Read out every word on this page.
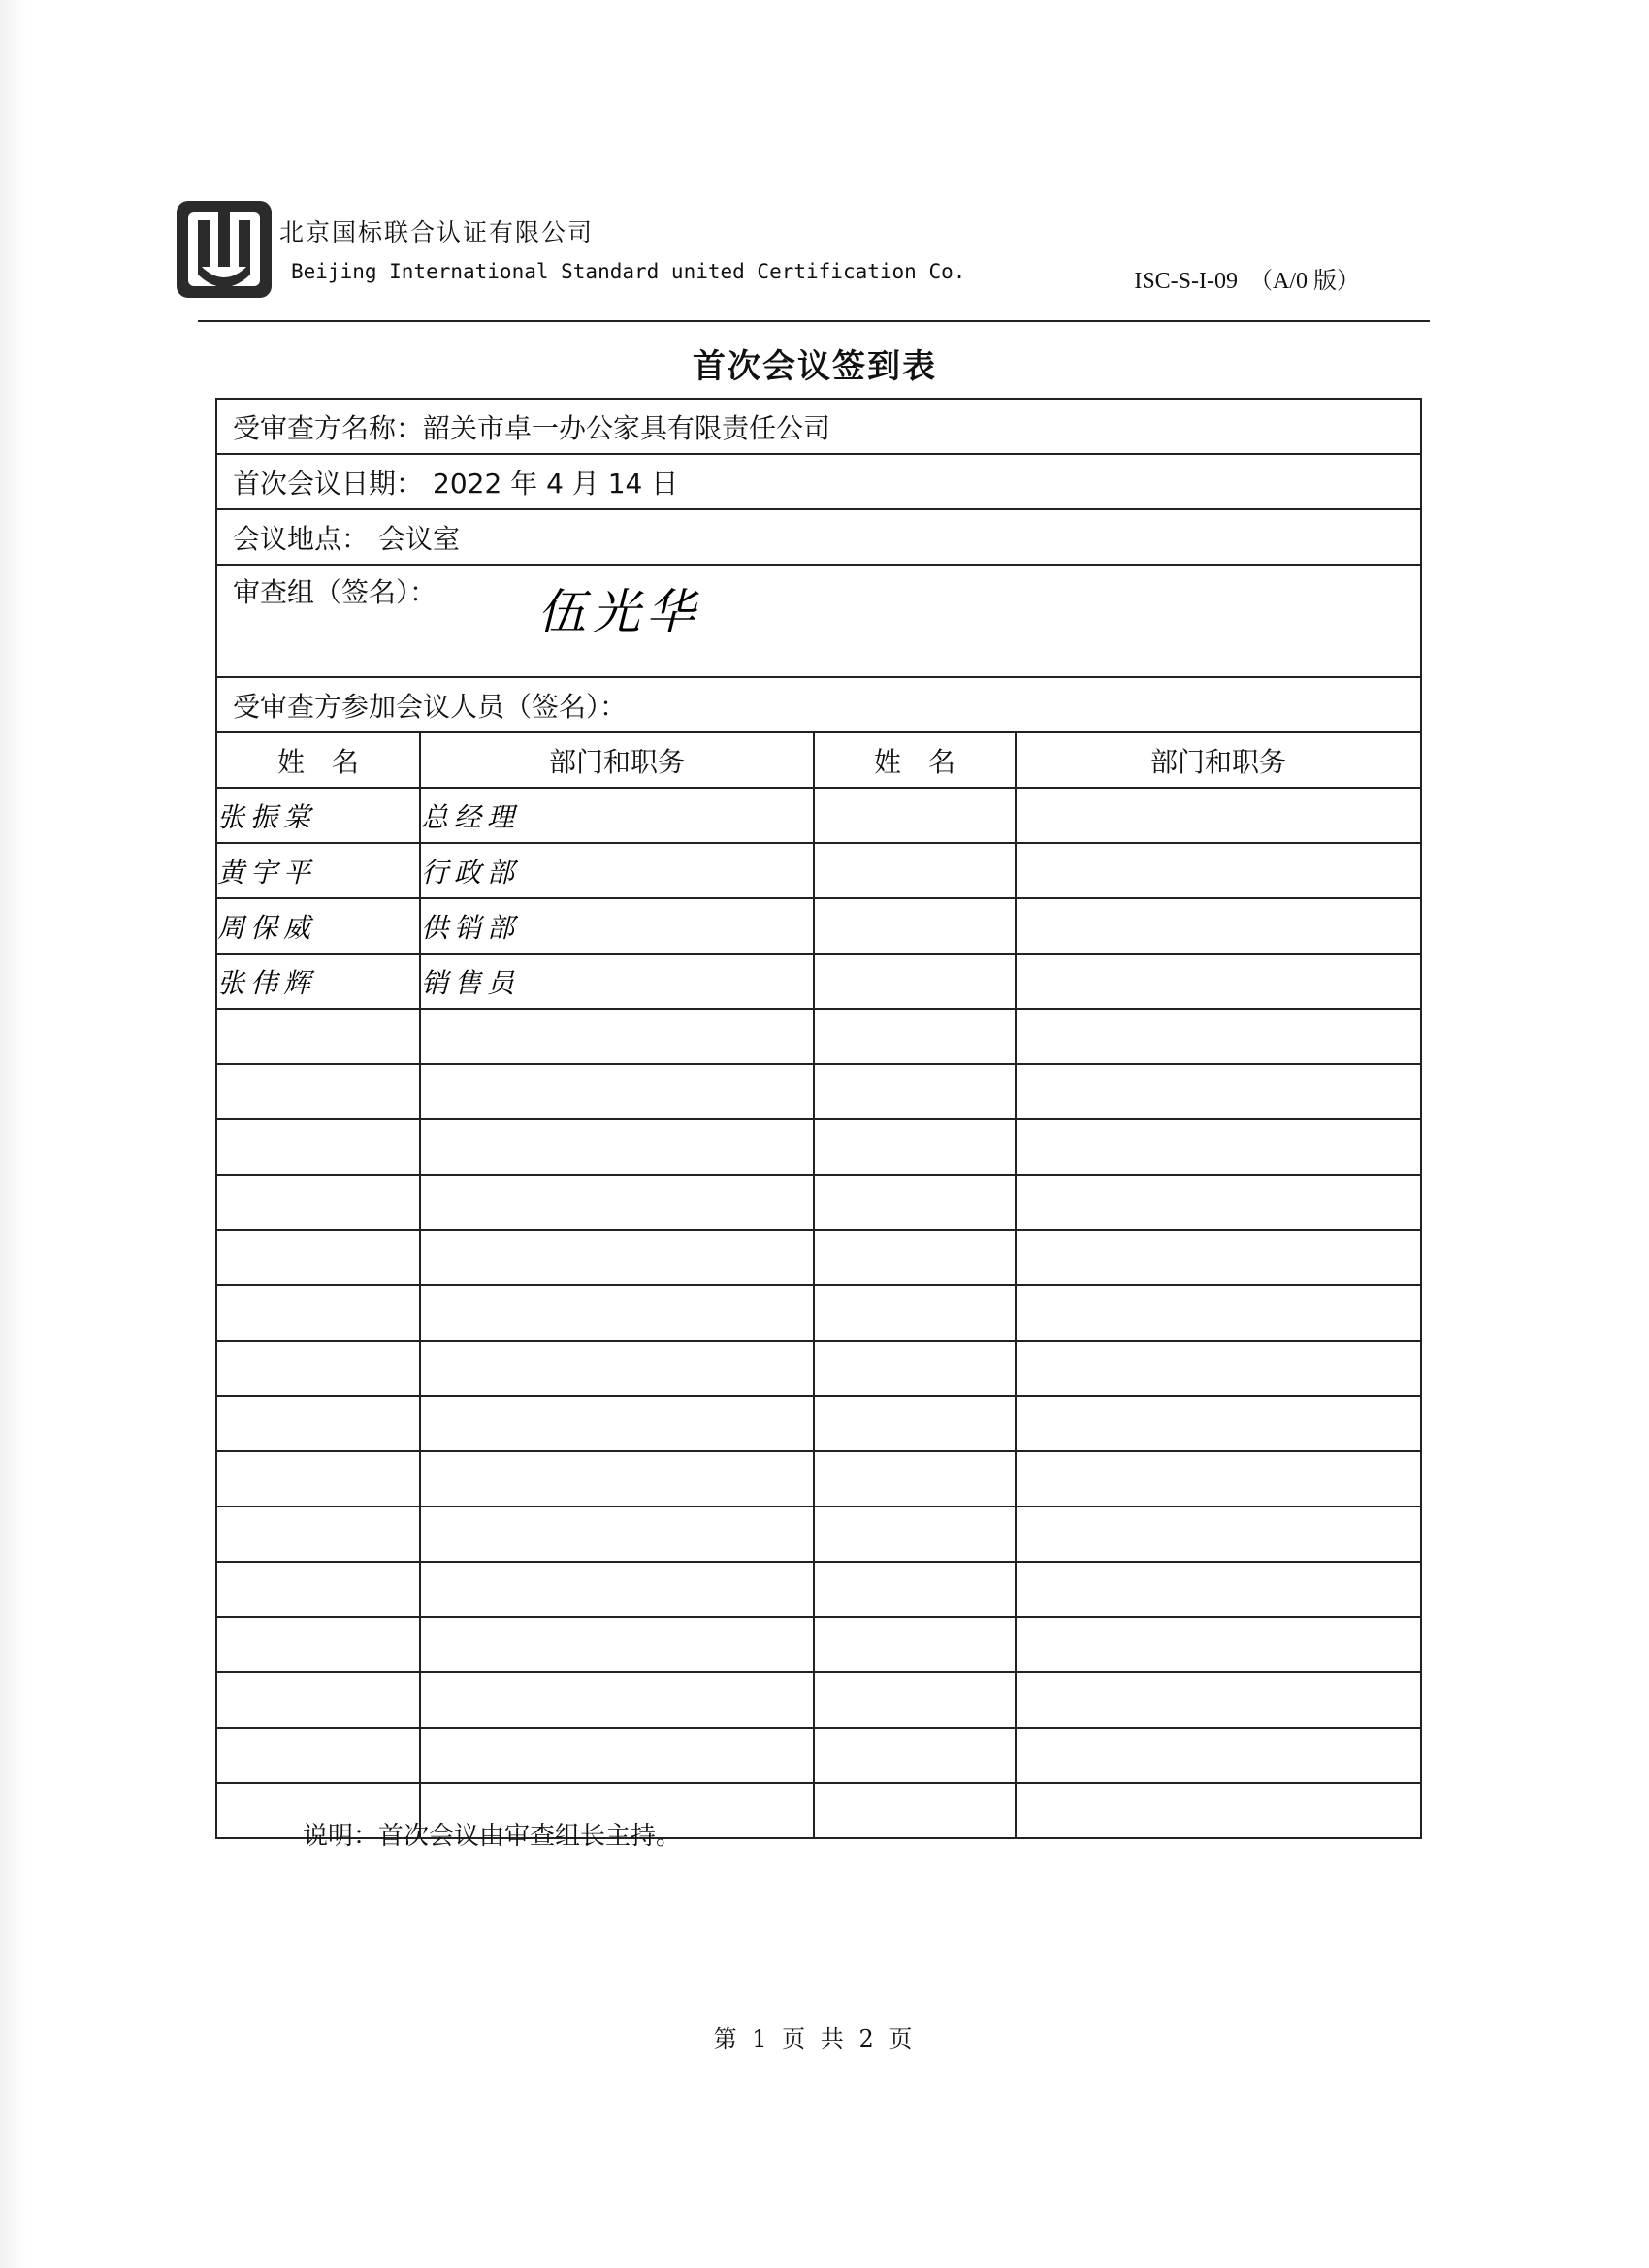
北京国标联合认证有限公司
Beijing International Standard united Certification Co.	ISC-S-I-09　（A/0 版）
首次会议签到表
受审查方名称：韶关市卓一办公家具有限责任公司
首次会议日期： 2022 年 4 月 14 日
会议地点： 会议室
审查组（签名）： 伍光华

受审查方参加会议人员（签名）：
姓　名	部门和职务	姓　名	部门和职务
张振棠	总经理		
黄宇平	行政部		
周保威	供销部		
张伟辉	销售员		

说明：首次会议由审查组长主持。
第 1 页 共 2 页
